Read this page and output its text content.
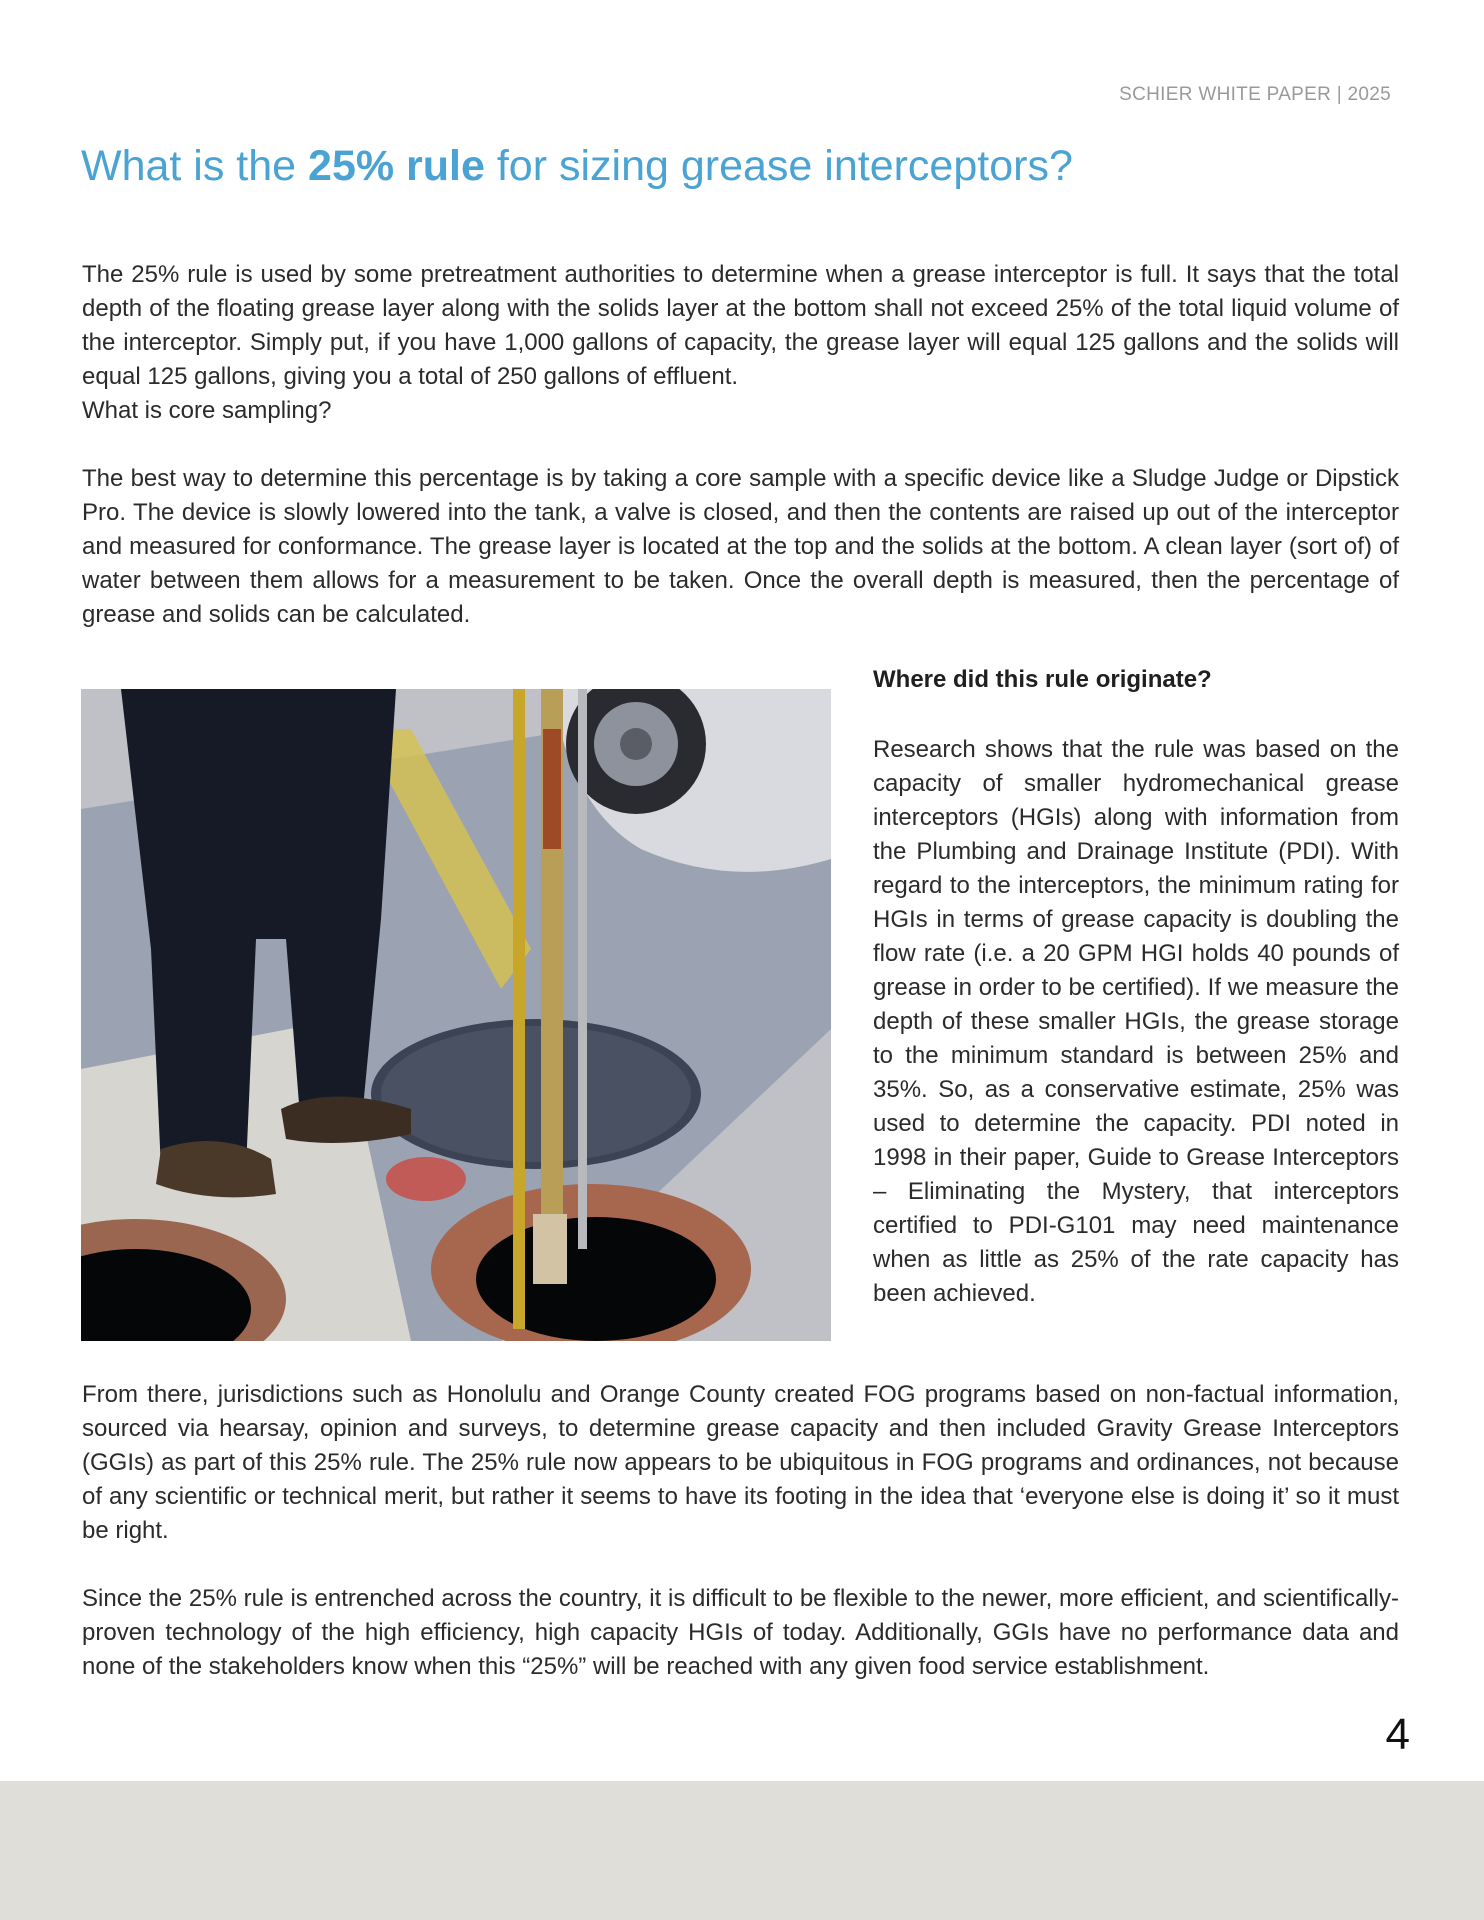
SCHIER WHITE PAPER | 2025
What is the 25% rule for sizing grease interceptors?
The 25% rule is used by some pretreatment authorities to determine when a grease interceptor is full. It says that the total depth of the floating grease layer along with the solids layer at the bottom shall not exceed 25% of the total liquid volume of the interceptor. Simply put, if you have 1,000 gallons of capacity, the grease layer will equal 125 gallons and the solids will equal 125 gallons, giving you a total of 250 gallons of effluent.
What is core sampling?

The best way to determine this percentage is by taking a core sample with a specific device like a Sludge Judge or Dipstick Pro. The device is slowly lowered into the tank, a valve is closed, and then the contents are raised up out of the interceptor and measured for conformance. The grease layer is located at the top and the solids at the bottom. A clean layer (sort of) of water between them allows for a measurement to be taken. Once the overall depth is measured, then the percentage of grease and solids can be calculated.

Where did this rule originate?

Research shows that the rule was based on the capacity of smaller hydromechanical grease interceptors (HGIs) along with information from the Plumbing and Drainage Institute (PDI). With regard to the interceptors, the minimum rating for HGIs in terms of grease capacity is doubling the flow rate (i.e. a 20 GPM HGI holds 40 pounds of grease in order to be certified). If we measure the depth of these smaller HGIs, the grease storage to the minimum standard is between 25% and 35%. So, as a conservative estimate, 25% was used to determine the capacity. PDI noted in 1998 in their paper, Guide to Grease Interceptors – Eliminating the Mystery, that interceptors certified to PDI-G101 may need maintenance when as little as 25% of the rate capacity has been achieved.

From there, jurisdictions such as Honolulu and Orange County created FOG programs based on non-factual information, sourced via hearsay, opinion and surveys, to determine grease capacity and then included Gravity Grease Interceptors (GGIs) as part of this 25% rule. The 25% rule now appears to be ubiquitous in FOG programs and ordinances, not because of any scientific or technical merit, but rather it seems to have its footing in the idea that ‘everyone else is doing it’ so it must be right.

Since the 25% rule is entrenched across the country, it is difficult to be flexible to the newer, more efficient, and scientifically-proven technology of the high efficiency, high capacity HGIs of today. Additionally, GGIs have no performance data and none of the stakeholders know when this “25%” will be reached with any given food service establishment.

4
